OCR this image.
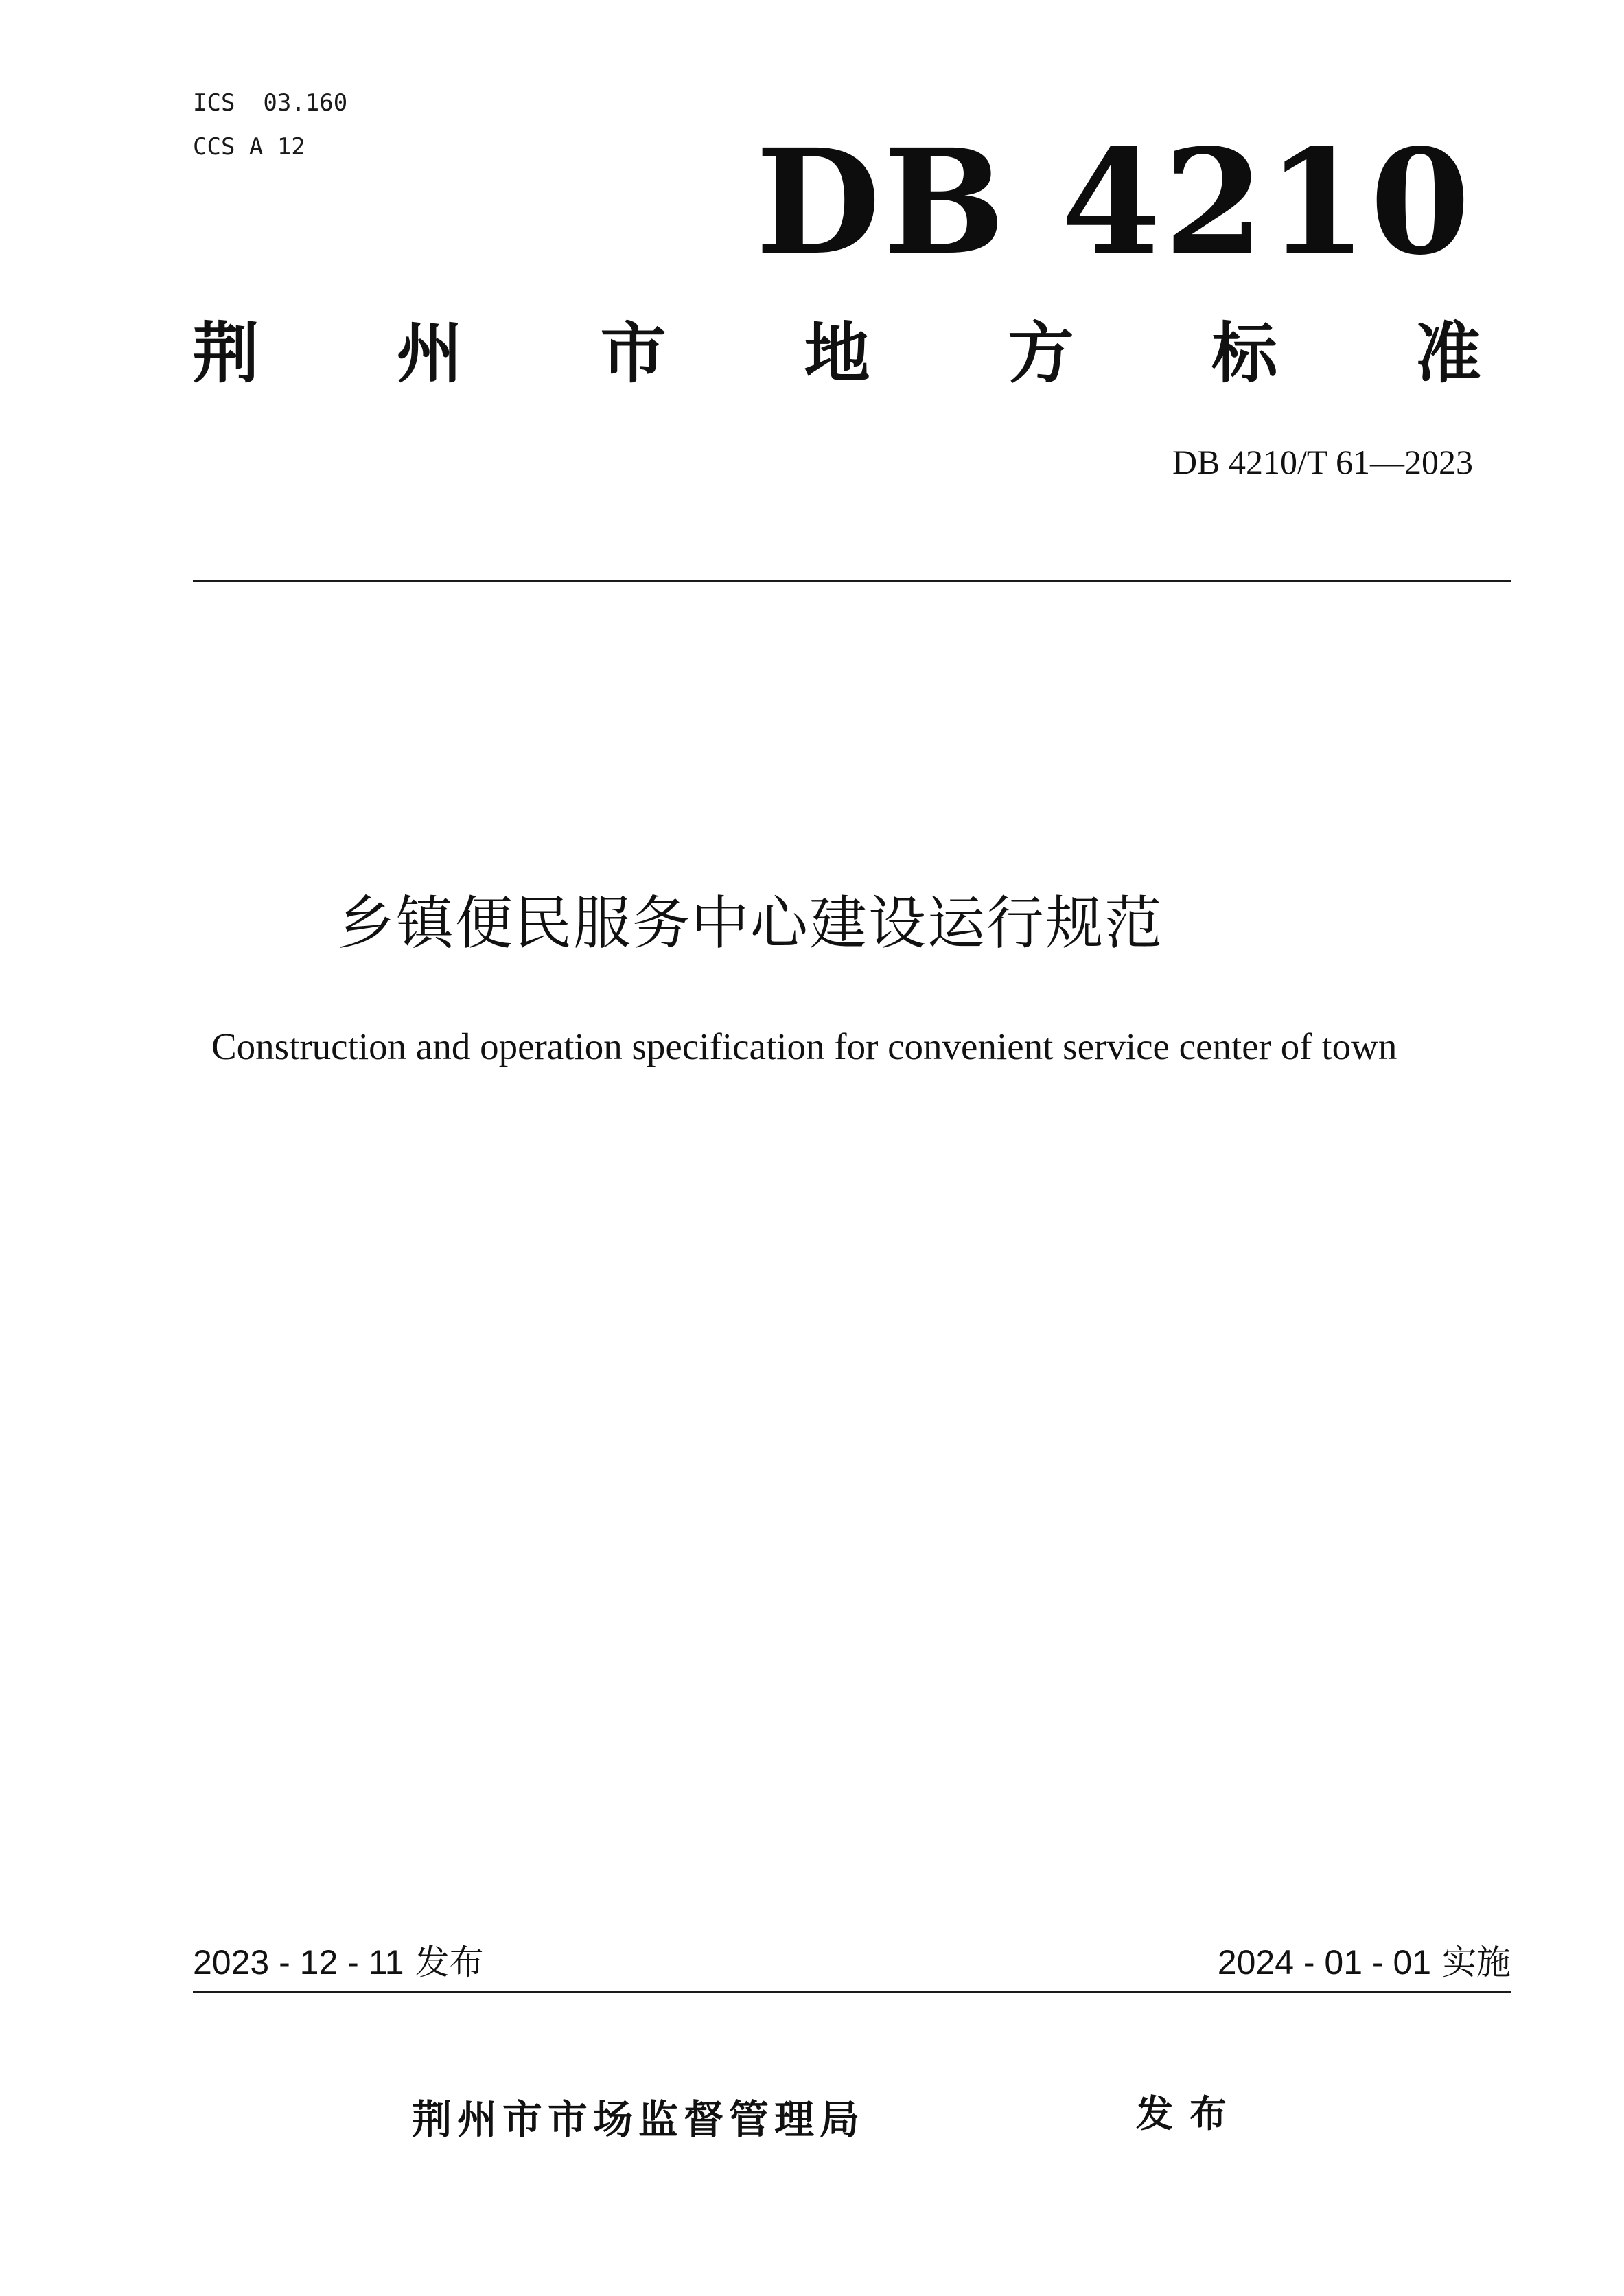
ICS  03.160
CCS A 12	DB 4210
荆 州 市 地 方 标 准
DB 4210/T 61—2023
乡镇便民服务中心建设运行规范
Construction and operation specification for convenient service center of town
2023 - 12 - 11 发布	2024 - 01 - 01 实施
荆州市市场监督管理局	发布
